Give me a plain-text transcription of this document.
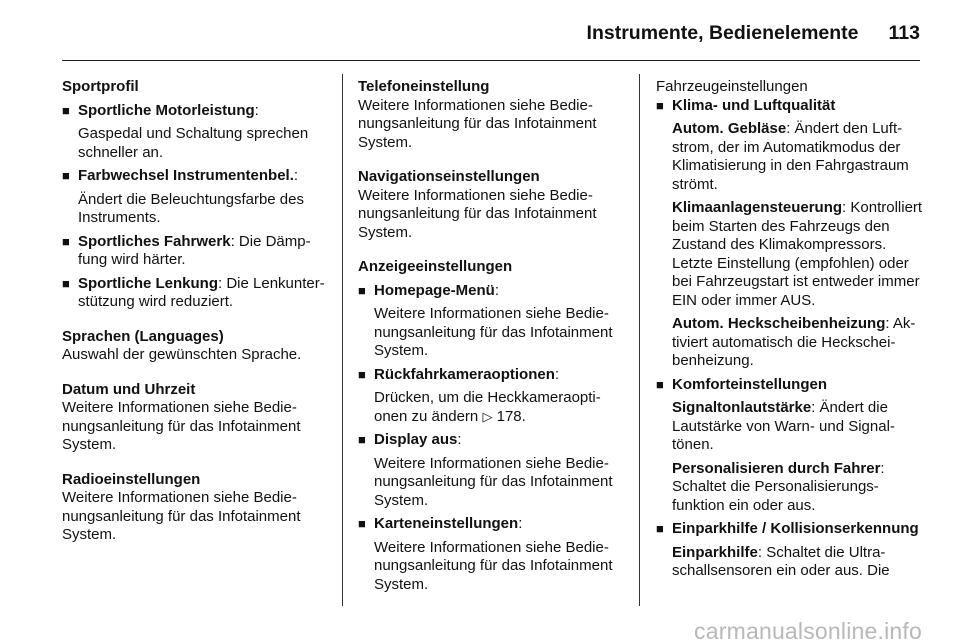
Instrumente, Bedienelemente 113
Sportprofil
■ Sportliche Motorleistung:
Gaspedal und Schaltung sprechen schneller an.
■ Farbwechsel Instrumentenbel.:
Ändert die Beleuchtungsfarbe des Instruments.
■ Sportliches Fahrwerk: Die Dämpfung wird härter.
■ Sportliche Lenkung: Die Lenkunterstützung wird reduziert.
Sprachen (Languages)
Auswahl der gewünschten Sprache.
Datum und Uhrzeit
Weitere Informationen siehe Bedienungsanleitung für das Infotainment System.
Radioeinstellungen
Weitere Informationen siehe Bedienungsanleitung für das Infotainment System.
Telefoneinstellung
Weitere Informationen siehe Bedienungsanleitung für das Infotainment System.
Navigationseinstellungen
Weitere Informationen siehe Bedienungsanleitung für das Infotainment System.
Anzeigeeinstellungen
■ Homepage-Menü:
Weitere Informationen siehe Bedienungsanleitung für das Infotainment System.
■ Rückfahrkameraoptionen:
Drücken, um die Heckkameraoptionen zu ändern ▷ 178.
■ Display aus:
Weitere Informationen siehe Bedienungsanleitung für das Infotainment System.
■ Karteneinstellungen:
Weitere Informationen siehe Bedienungsanleitung für das Infotainment System.
Fahrzeugeinstellungen
■ Klima- und Luftqualität
Autom. Gebläse: Ändert den Luftstrom, der im Automatikmodus der Klimatisierung in den Fahrgastraum strömt.
Klimaanlagensteuerung: Kontrolliert beim Starten des Fahrzeugs den Zustand des Klimakompressors. Letzte Einstellung (empfohlen) oder bei Fahrzeugstart ist entweder immer EIN oder immer AUS.
Autom. Heckscheibenheizung: Aktiviert automatisch die Heckscheibenheizung.
■ Komforteinstellungen
Signaltonlautstärke: Ändert die Lautstärke von Warn- und Signaltönen.
Personalisieren durch Fahrer: Schaltet die Personalisierungsfunktion ein oder aus.
■ Einparkhilfe / Kollisionserkennung
Einparkhilfe: Schaltet die Ultraschallsensoren ein oder aus. Die
carmanualsonline.info
